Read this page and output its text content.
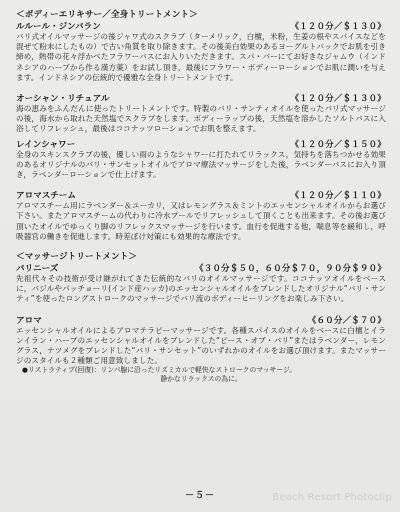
＜ボディーエリキサー／全身トリートメント＞
ルルール・ジンバラン	《１２０分／＄１３０》

バリ式オイルマッサージの後ジャワ式のスクラブ（ターメリック，白檀，米粉，生姜の根やスパイスなどを混ぜて粉末にしたもの）で古い角質を取り除きます。その後美白効果のあるヨーグルトパックでお肌を引き締め，熱帯の花々浮かべたフラワーバスにお入りいただきます。スパ・バーにてお好きなジャムウ（インドネシアのハーブから作る漢方薬）をお試し頂き，最後にフラワー・ボディーローションでお肌に潤いを与えます。インドネシアの伝統的で優雅な全身トリートメントです。

オーシャン・リチュアル	《１２０分／＄１３０》

海の恵みをふんだんに使ったトリートメントです。特製のバリ・サンティオイルを使ったバリ式マッサージの後，海水から取れた天然塩でスクラブをします。ボディーラップの後，天然塩を溶かしたソルトバスに入浴してリフレッシュ，最後はココナッツローションでお肌を整えます。

レインシャワー	《１２０分／＄１５０》

全身のスキンスクラブの後，優しい雨のようなシャワーに打たれてリラックス，気持ちを落ちつかせる効果のあるオリジナルのバリ・サンセットオイルでアロマ療法マッサージをした後，ラベンダーバスにお入り頂き，ラベンダーローションで仕上げます。

アロマスチーム	《１２０分／＄１１０》

アロマスチーム用にラベンダー＆ユーカリ，又はレモングラス＆ミントのエッセンシャルオイルからお選び下さい。またアロマスチームの代わりに冷水プールでリフレッシュして頂くことも出来ます。その後お選び頂いたオイルでゆっくり脚のリフレックスマッサージを行います。血行を促進する他，喘息等を緩和し，呼吸器官の働きを促進します。時差ぼけ対策にも効果的な療法です。

＜マッサージトリートメント＞
バリニーズ	《３０分＄５０，６０分＄７０，９０分＄９０》

先祖代々その技術が受け継がれてきた伝統的なバリのオイルマッサージです。ココナッツオイルをベースに，バジルやパッチョーリ(インド産ハッカ)のエッセンシャルオイルをブレンドしたオリジナル“バリ・サンティ”を使ったロングストロークのマッサージでバリ流のボディーヒーリングをお楽しみ下さい。

アロマ	《６０分／＄７０》

エッセンシャルオイルによるアロマテラピーマッサージです。各種スパイスのオイルをベースに白檀とイランイラン・ハーブのエッセンシャルオイルをブレンドした“ピース・オブ・バリ”またはラベンダー，レモングラス，ナツメグをブレンドした“バリ・サンセット”のいずれかのオイルをお選び頂けます。またマッサージのスタイルも２種類ご用意致しました。

●リストラティブ(回復)：リンパ腺に沿ったリズミカルで軽快なストロークのマッサージ。

静かなリラックスの為に。

－５－	Beach Resort Photoclip
